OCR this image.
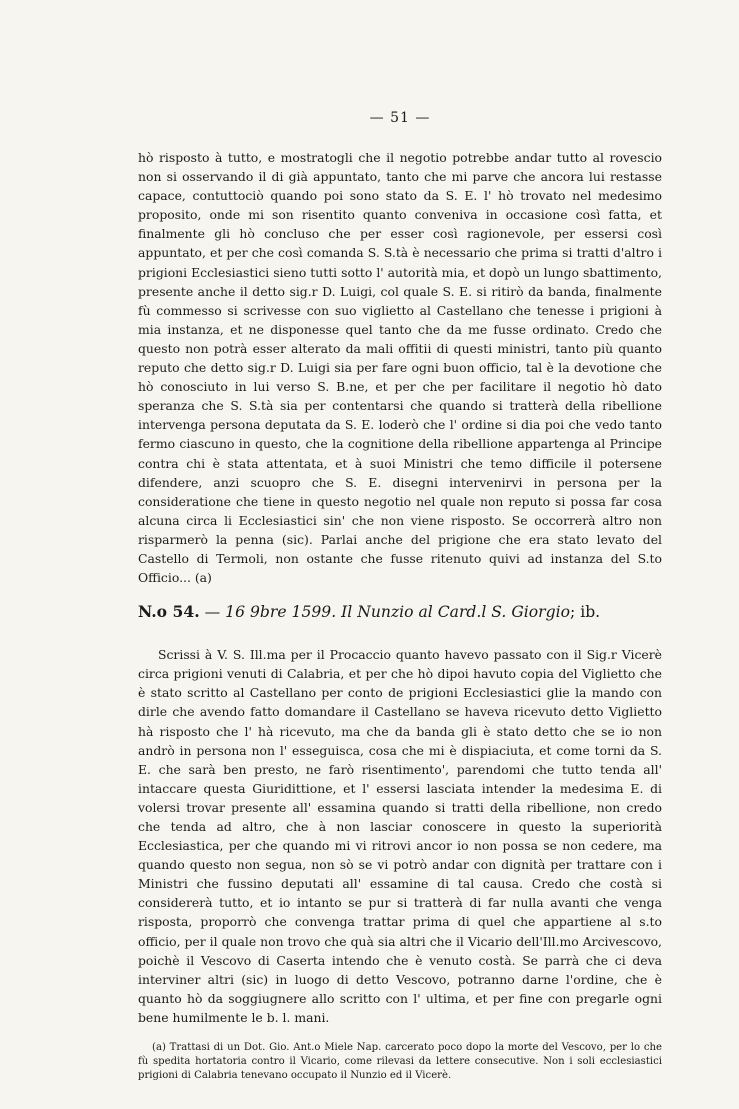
— 51 —

hò risposto à tutto, e mostratogli che il negotio potrebbe andar tutto al rovescio non si osservando il di già appuntato, tanto che mi parve che ancora lui restasse capace, contuttociò quando poi sono stato da S. E. l' hò trovato nel medesimo proposito, onde mi son risentito quanto conveniva in occasione così fatta, et finalmente gli hò concluso che per esser così ragionevole, per essersi così appuntato, et per che così comanda S. S.tà è necessario che prima si tratti d'altro i prigioni Ecclesiastici sieno tutti sotto l' autorità mia, et dopò un lungo sbattimento, presente anche il detto sig.r D. Luigi, col quale S. E. si ritirò da banda, finalmente fù commesso si scrivesse con suo viglietto al Castellano che tenesse i prigioni à mia instanza, et ne disponesse quel tanto che da me fusse ordinato. Credo che questo non potrà esser alterato da mali offitii di questi ministri, tanto più quanto reputo che detto sig.r D. Luigi sia per fare ogni buon officio, tal è la devotione che hò conosciuto in lui verso S. B.ne, et per che per facilitare il negotio hò dato speranza che S. S.tà sia per contentarsi che quando si tratterà della ribellione intervenga persona deputata da S. E. loderò che l' ordine si dia poi che vedo tanto fermo ciascuno in questo, che la cognitione della ribellione appartenga al Principe contra chi è stata attentata, et à suoi Ministri che temo difficile il potersene difendere, anzi scuopro che S. E. disegni intervenirvi in persona per la consideratione che tiene in questo negotio nel quale non reputo si possa far cosa alcuna circa li Ecclesiastici sin' che non viene risposto. Se occorrerà altro non risparmerò la penna (sic). Parlai anche del prigione che era stato levato del Castello di Termoli, non ostante che fusse ritenuto quivi ad instanza del S.to Officio... (a)

N.o 54. — 16 9bre 1599. Il Nunzio al Card.l S. Giorgio; ib.

Scrissi à V. S. Ill.ma per il Procaccio quanto havevo passato con il Sig.r Vicerè circa prigioni venuti di Calabria, et per che hò dipoi havuto copia del Viglietto che è stato scritto al Castellano per conto de prigioni Ecclesiastici glie la mando con dirle che avendo fatto domandare il Castellano se haveva ricevuto detto Viglietto hà risposto che l' hà ricevuto, ma che da banda gli è stato detto che se io non andrò in persona non l' esseguisca, cosa che mi è dispiaciuta, et come torni da S. E. che sarà ben presto, ne farò risentimento', parendomi che tutto tenda all' intaccare questa Giuridittione, et l' essersi lasciata intender la medesima E. di volersi trovar presente all' essamina quando si tratti della ribellione, non credo che tenda ad altro, che à non lasciar conoscere in questo la superiorità Ecclesiastica, per che quando mi vi ritrovi ancor io non possa se non cedere, ma quando questo non segua, non sò se vi potrò andar con dignità per trattare con i Ministri che fussino deputati all' essamine di tal causa. Credo che costà si considererà tutto, et io intanto se pur si tratterà di far nulla avanti che venga risposta, proporrò che convenga trattar prima di quel che appartiene al s.to officio, per il quale non trovo che quà sia altri che il Vicario dell'Ill.mo Arcivescovo, poichè il Vescovo di Caserta intendo che è venuto costà. Se parrà che ci deva interviner altri (sic) in luogo di detto Vescovo, potranno darne l'ordine, che è quanto hò da soggiugnere allo scritto con l' ultima, et per fine con pregarle ogni bene humilmente le b. l. mani.

(a) Trattasi di un Dot. Gio. Ant.o Miele Nap. carcerato poco dopo la morte del Vescovo, per lo che fù spedita hortatoria contro il Vicario, come rilevasi da lettere consecutive. Non i soli ecclesiastici prigioni di Calabria tenevano occupato il Nunzio ed il Vicerè.
